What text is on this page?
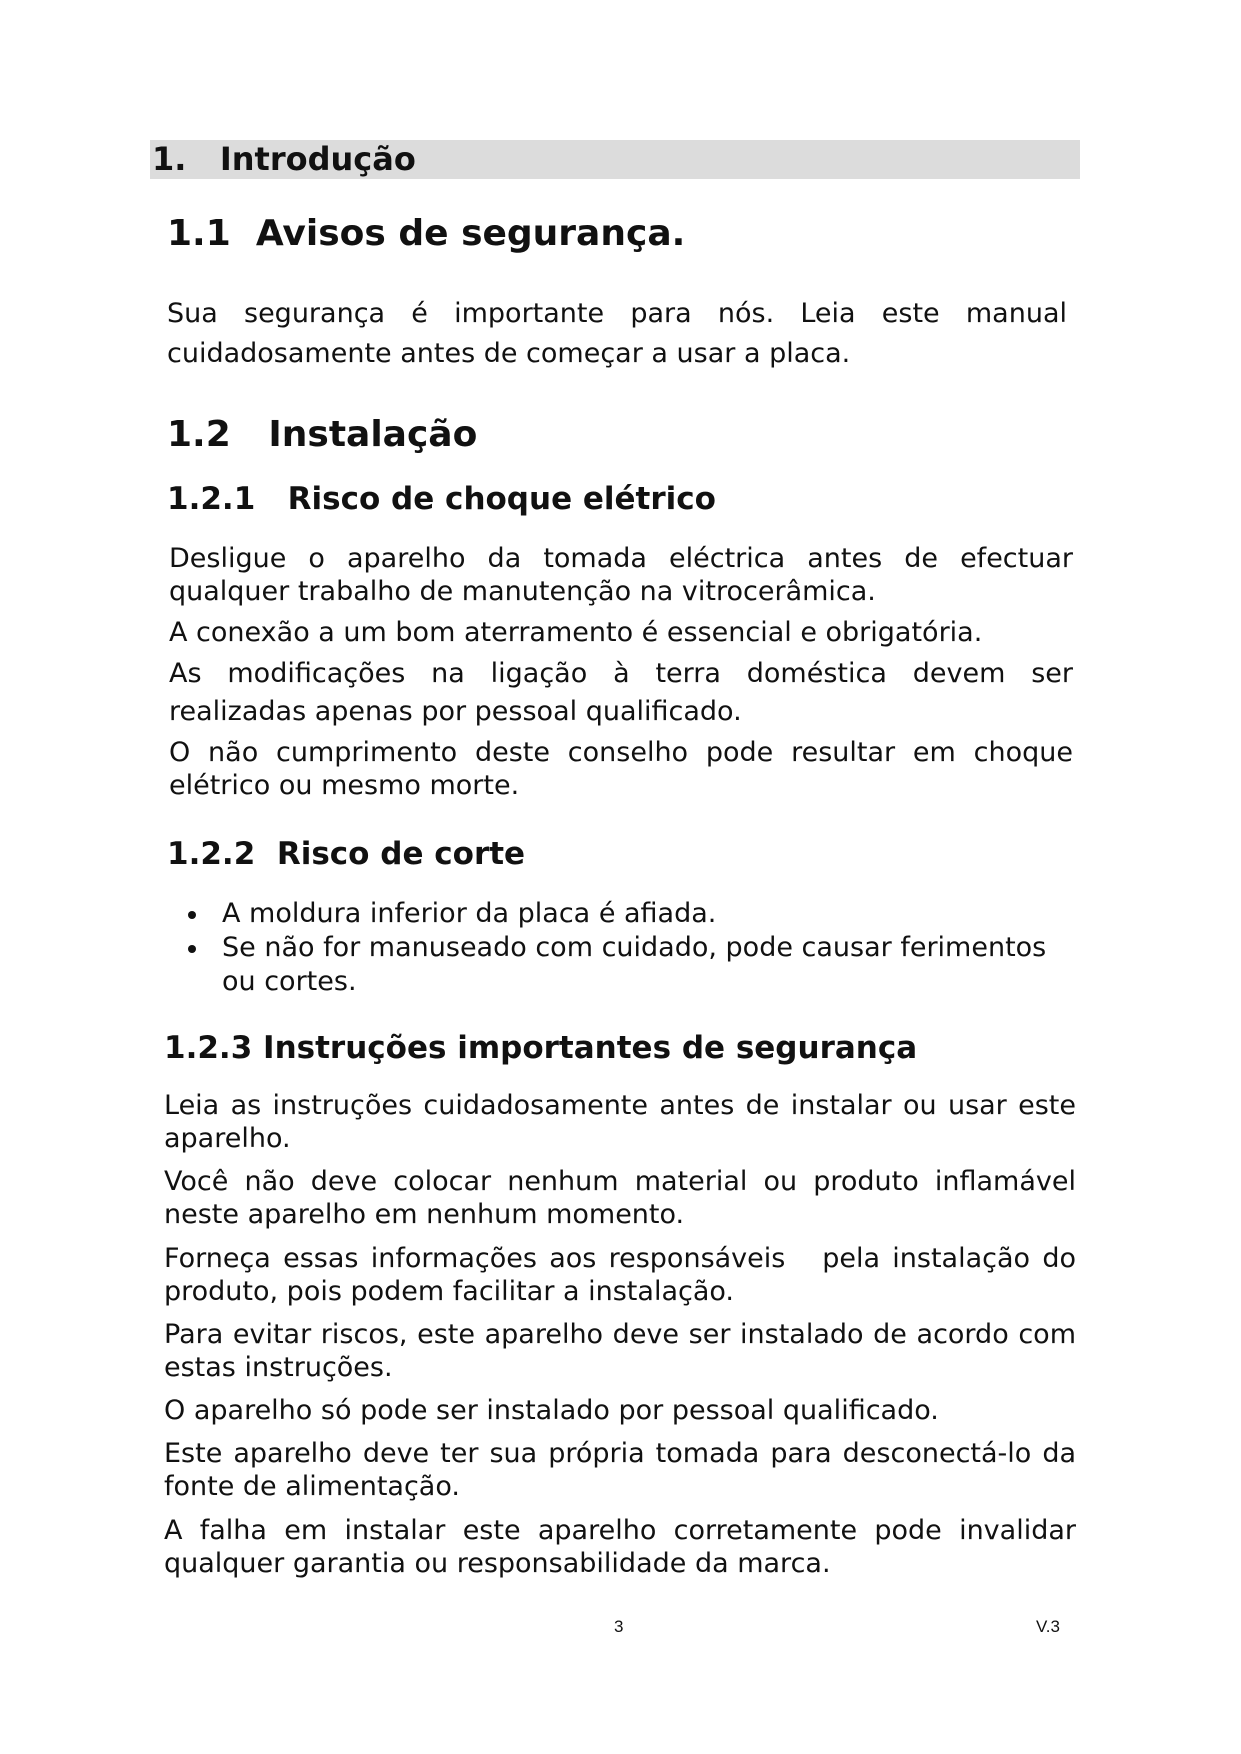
1.   Introdução
1.1  Avisos de segurança.

Sua segurança é importante para nós. Leia este manual cuidadosamente antes de começar a usar a placa.

1.2   Instalação
1.2.1   Risco de choque elétrico

Desligue o aparelho da tomada eléctrica antes de efectuar qualquer trabalho de manutenção na vitrocerâmica.

A conexão a um bom aterramento é essencial e obrigatória.

As modificações na ligação à terra doméstica devem ser realizadas apenas por pessoal qualificado.

O não cumprimento deste conselho pode resultar em choque elétrico ou mesmo morte.

1.2.2  Risco de corte
A moldura inferior da placa é afiada.
Se não for manuseado com cuidado, pode causar ferimentos ou cortes.
1.2.3 Instruções importantes de segurança

Leia as instruções cuidadosamente antes de instalar ou usar este aparelho.

Você não deve colocar nenhum material ou produto inflamável neste aparelho em nenhum momento.

Forneça essas informações aos responsáveis   pela instalação do produto, pois podem facilitar a instalação.

Para evitar riscos, este aparelho deve ser instalado de acordo com estas instruções.

O aparelho só pode ser instalado por pessoal qualificado.

Este aparelho deve ter sua própria tomada para desconectá-lo da fonte de alimentação.

A falha em instalar este aparelho corretamente pode invalidar qualquer garantia ou responsabilidade da marca.

3	V.3
